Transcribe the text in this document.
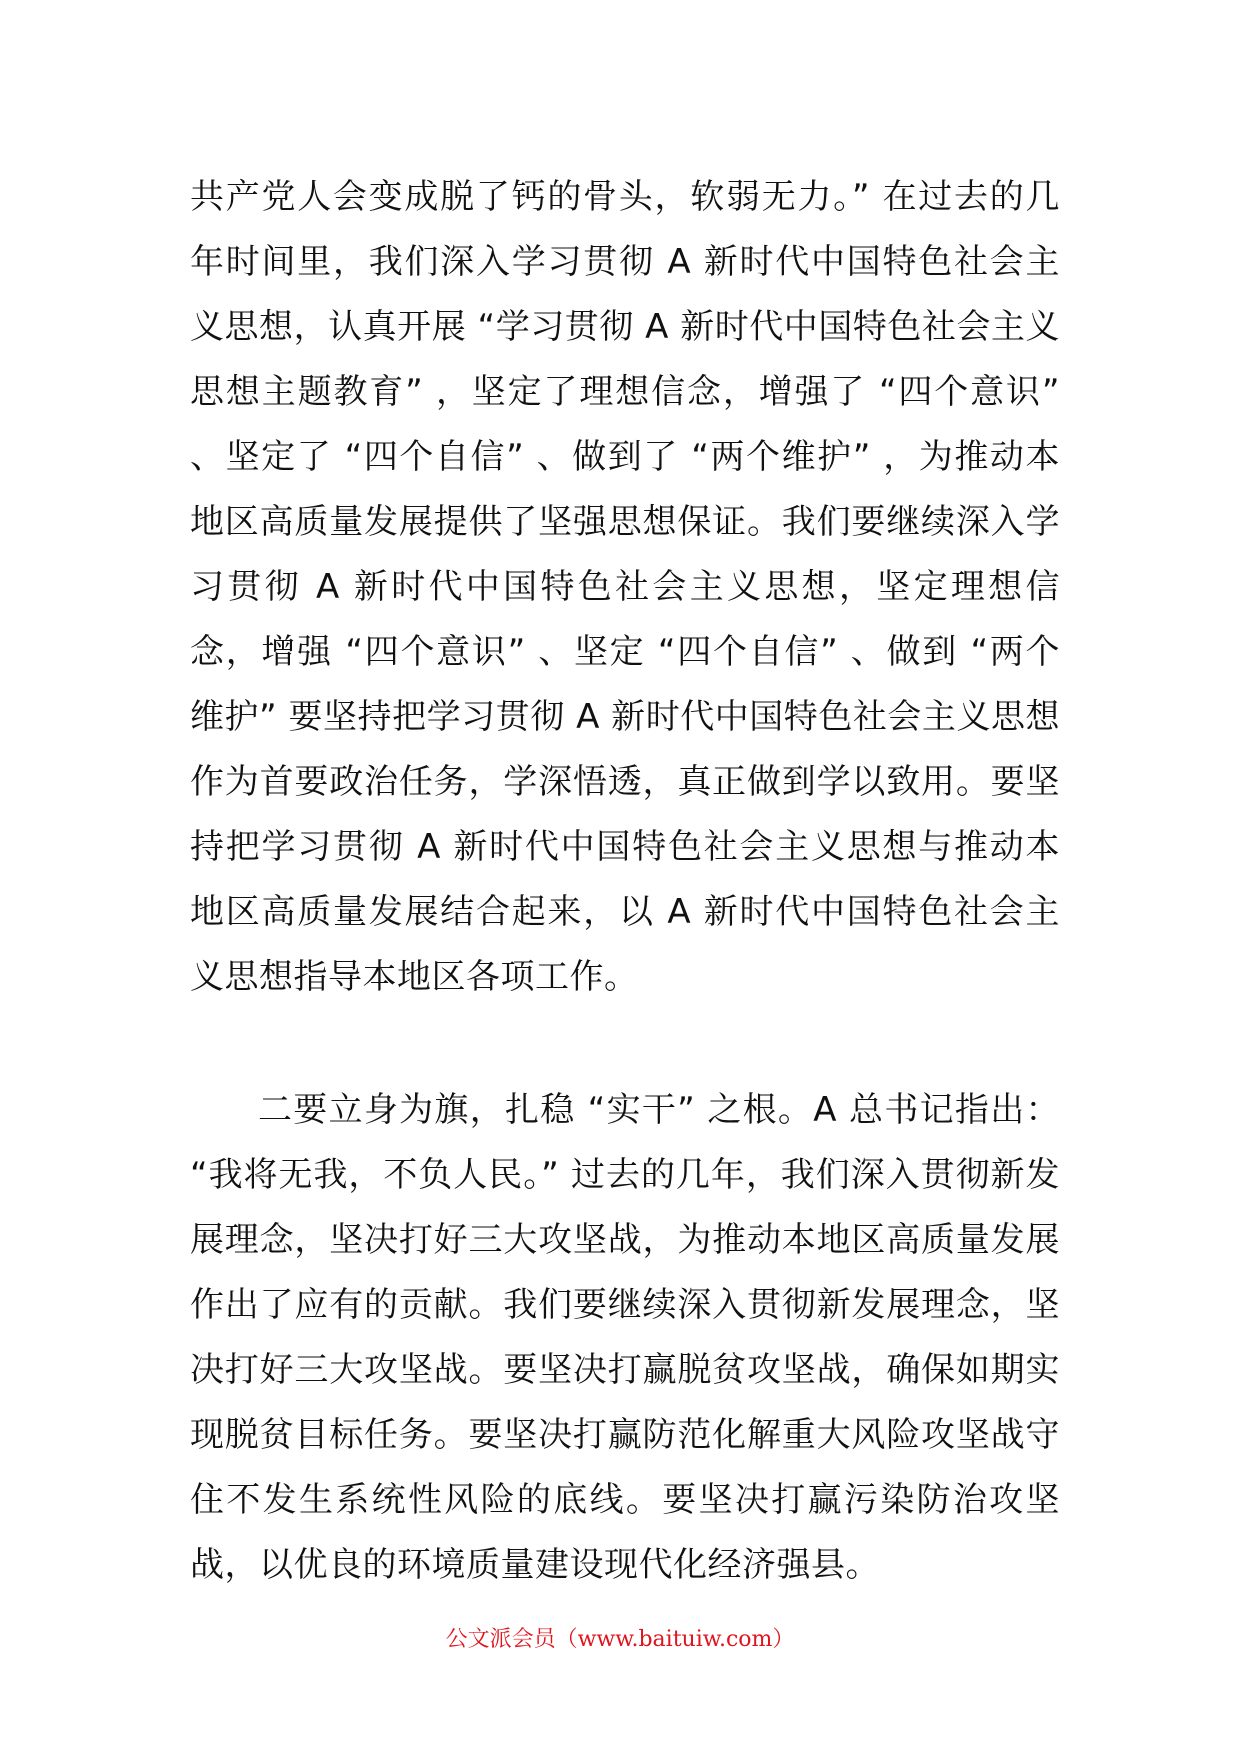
共产党人会变成脱了钙的骨头，软弱无力。” 在过去的几年时间里，我们深入学习贯彻 A 新时代中国特色社会主义思想，认真开展 “学习贯彻 A 新时代中国特色社会主义思想主题教育” ，坚定了理想信念，增强了 “四个意识” 、坚定了 “四个自信” 、做到了 “两个维护” ，为推动本地区高质量发展提供了坚强思想保证。我们要继续深入学习贯彻 A 新时代中国特色社会主义思想，坚定理想信念，增强 “四个意识” 、坚定 “四个自信” 、做到 “两个维护” 要坚持把学习贯彻 A 新时代中国特色社会主义思想作为首要政治任务，学深悟透，真正做到学以致用。要坚持把学习贯彻 A 新时代中国特色社会主义思想与推动本地区高质量发展结合起来，以 A 新时代中国特色社会主义思想指导本地区各项工作。

二要立身为旗，扎稳 “实干” 之根。A 总书记指出： “我将无我，不负人民。” 过去的几年，我们深入贯彻新发展理念，坚决打好三大攻坚战，为推动本地区高质量发展作出了应有的贡献。我们要继续深入贯彻新发展理念，坚决打好三大攻坚战。要坚决打赢脱贫攻坚战，确保如期实现脱贫目标任务。要坚决打赢防范化解重大风险攻坚战守住不发生系统性风险的底线。要坚决打赢污染防治攻坚战，以优良的环境质量建设现代化经济强县。

公文派会员（www.baituiw.com）
